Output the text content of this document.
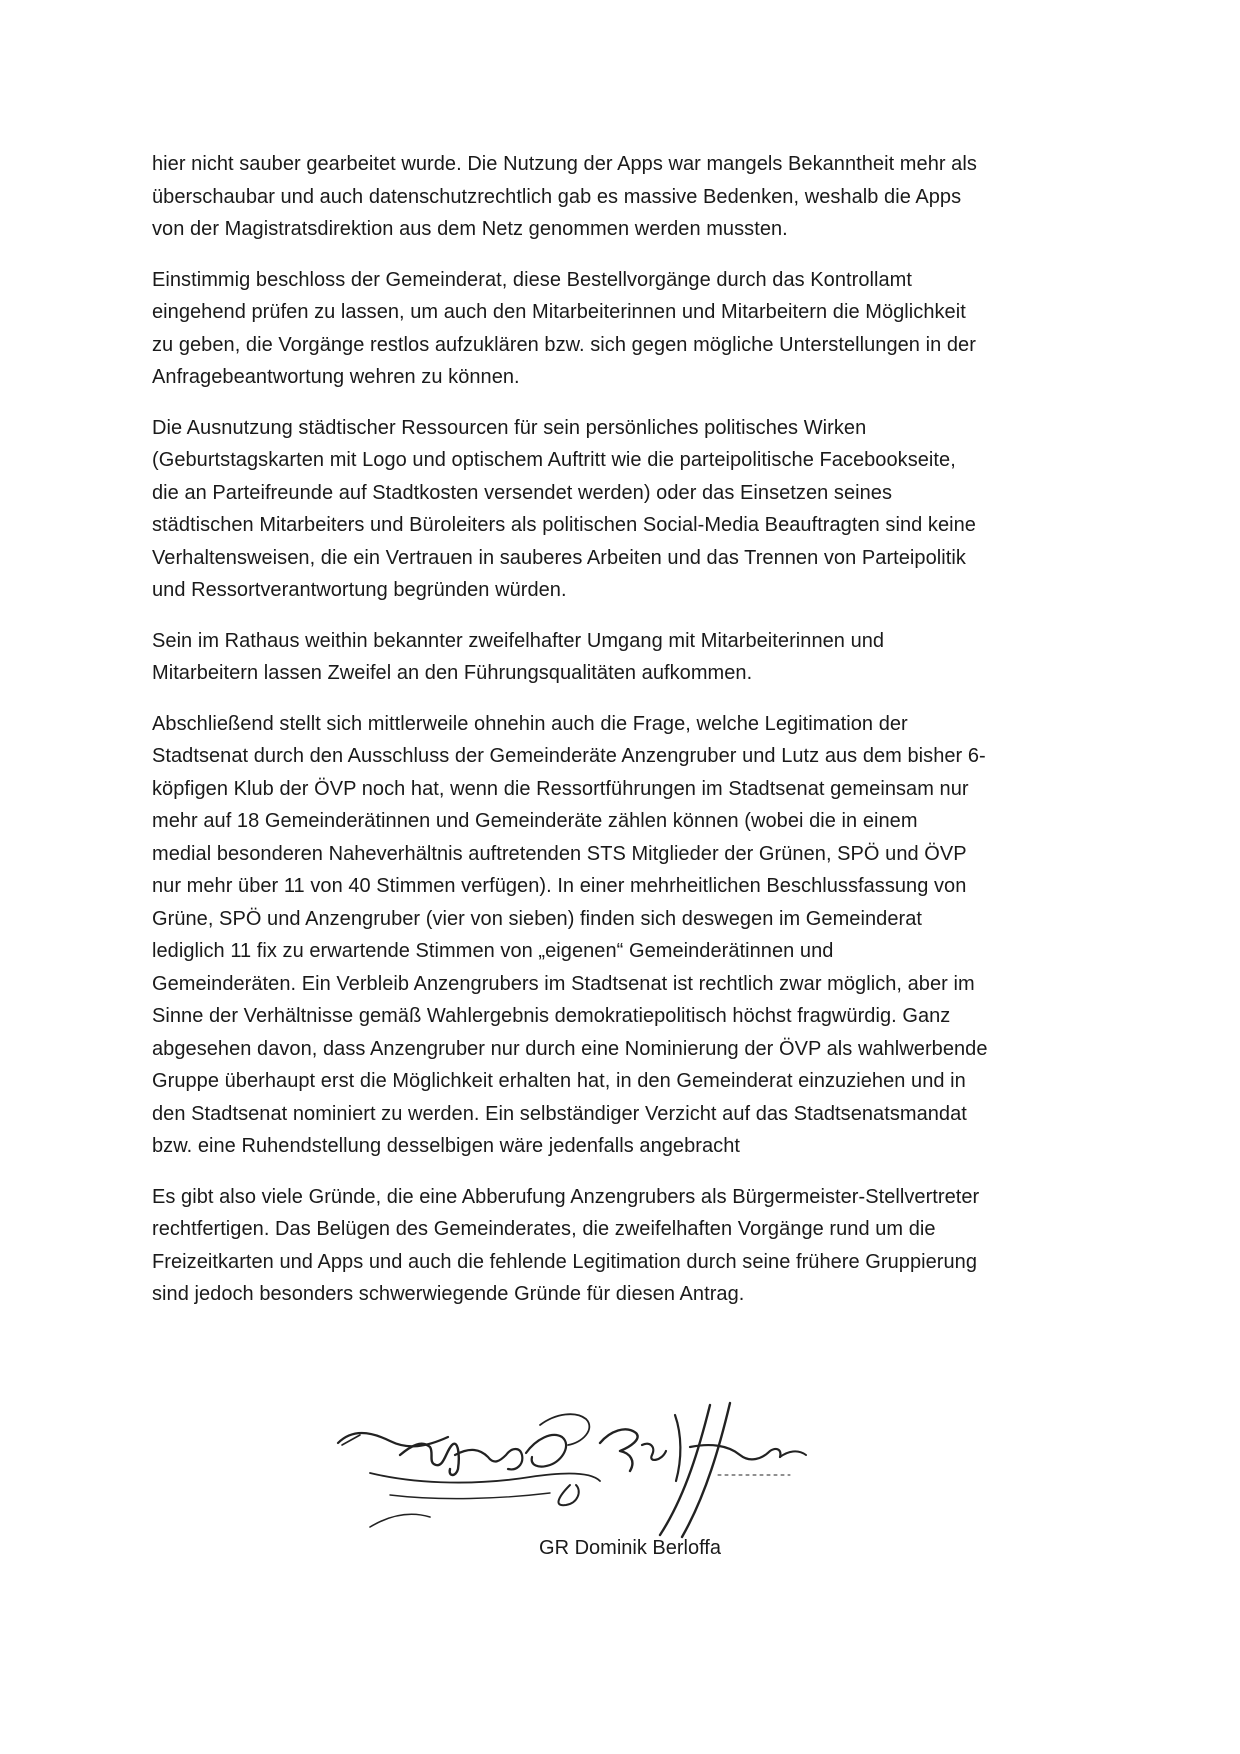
hier nicht sauber gearbeitet wurde. Die Nutzung der Apps war mangels Bekanntheit mehr als
überschaubar und auch datenschutzrechtlich gab es massive Bedenken, weshalb die Apps
von der Magistratsdirektion aus dem Netz genommen werden mussten.

Einstimmig beschloss der Gemeinderat, diese Bestellvorgänge durch das Kontrollamt
eingehend prüfen zu lassen, um auch den Mitarbeiterinnen und Mitarbeitern die Möglichkeit
zu geben, die Vorgänge restlos aufzuklären bzw. sich gegen mögliche Unterstellungen in der
Anfragebeantwortung wehren zu können.

Die Ausnutzung städtischer Ressourcen für sein persönliches politisches Wirken
(Geburtstagskarten mit Logo und optischem Auftritt wie die parteipolitische Facebookseite,
die an Parteifreunde auf Stadtkosten versendet werden) oder das Einsetzen seines
städtischen Mitarbeiters und Büroleiters als politischen Social-Media Beauftragten sind keine
Verhaltensweisen, die ein Vertrauen in sauberes Arbeiten und das Trennen von Parteipolitik
und Ressortverantwortung begründen würden.

Sein im Rathaus weithin bekannter zweifelhafter Umgang mit Mitarbeiterinnen und
Mitarbeitern lassen Zweifel an den Führungsqualitäten aufkommen.

Abschließend stellt sich mittlerweile ohnehin auch die Frage, welche Legitimation der
Stadtsenat durch den Ausschluss der Gemeinderäte Anzengruber und Lutz aus dem bisher 6-
köpfigen Klub der ÖVP noch hat, wenn die Ressortführungen im Stadtsenat gemeinsam nur
mehr auf 18 Gemeinderätinnen und Gemeinderäte zählen können (wobei die in einem
medial besonderen Naheverhältnis auftretenden STS Mitglieder der Grünen, SPÖ und ÖVP
nur mehr über 11 von 40 Stimmen verfügen). In einer mehrheitlichen Beschlussfassung von
Grüne, SPÖ und Anzengruber (vier von sieben) finden sich deswegen im Gemeinderat
lediglich 11 fix zu erwartende Stimmen von „eigenen“ Gemeinderätinnen und
Gemeinderäten. Ein Verbleib Anzengrubers im Stadtsenat ist rechtlich zwar möglich, aber im
Sinne der Verhältnisse gemäß Wahlergebnis demokratiepolitisch höchst fragwürdig. Ganz
abgesehen davon, dass Anzengruber nur durch eine Nominierung der ÖVP als wahlwerbende
Gruppe überhaupt erst die Möglichkeit erhalten hat, in den Gemeinderat einzuziehen und in
den Stadtsenat nominiert zu werden. Ein selbständiger Verzicht auf das Stadtsenatsmandat
bzw. eine Ruhendstellung desselbigen wäre jedenfalls angebracht

Es gibt also viele Gründe, die eine Abberufung Anzengrubers als Bürgermeister-Stellvertreter
rechtfertigen. Das Belügen des Gemeinderates, die zweifelhaften Vorgänge rund um die
Freizeitkarten und Apps und auch die fehlende Legitimation durch seine frühere Gruppierung
sind jedoch besonders schwerwiegende Gründe für diesen Antrag.

GR Dominik Berloffa
